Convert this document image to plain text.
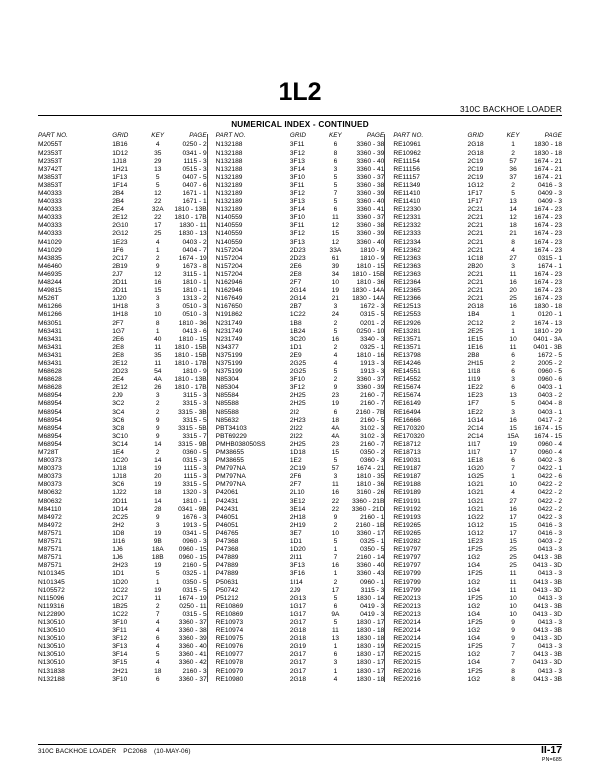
1L2
310C BACKHOE LOADER
NUMERICAL INDEX - CONTINUED
PART NO.	GRID	KEY	PAGE
M2055T	1B16	4	0250 - 2
M2353T	1D12	35	0341 - 9
M2353T	1J18	29	1115 - 3
M3742T	1H21	13	0515 - 3
M3853T	1F13	5	0407 - 5
M3853T	1F14	5	0407 - 6
M40333	2B4	12	1671 - 1
M40333	2B4	22	1671 - 1
M40333	2E4	32A	1810 - 13B
M40333	2E12	22	1810 - 17B
M40333	2G10	17	1830 - 11
M40333	2G12	25	1830 - 13
M41029	1E23	4	0403 - 2
M41029	1F6	1	0404 - 7
M43835	2C17	2	1674 - 19
M46460	2B19	9	1673 - 8
M46935	2J7	12	3115 - 1
M48244	2D11	16	1810 - 1
M49815	2D11	15	1810 - 1
M526T	1J20	3	1313 - 2
M61266	1H18	3	0510 - 3
M61266	1H18	10	0510 - 3
M63051	2F7	8	1810 - 36
M63431	1G7	1	0413 - 6
M63431	2E6	40	1810 - 15
M63431	2E8	11	1810 - 15B
M63431	2E8	35	1810 - 15B
M63431	2E12	11	1810 - 17B
M68628	2D23	54	1810 - 9
M68628	2E4	4A	1810 - 13B
M68628	2E12	26	1810 - 17B
M68954	2J9	3	3115 - 3
M68954	3C2	2	3315 - 3
M68954	3C4	2	3315 - 3B
M68954	3C6	9	3315 - 5
M68954	3C8	9	3315 - 5B
M68954	3C10	9	3315 - 7
M68954	3C14	14	3315 - 9B
M728T	1E4	2	0360 - 5
M80373	1C20	14	0315 - 3
M80373	1J18	19	1115 - 3
M80373	1J18	20	1115 - 3
M80373	3C6	19	3315 - 5
M80632	1J22	18	1320 - 3
M80632	2D11	14	1810 - 1
M84110	1D14	28	0341 - 9B
M84972	2C25	9	1676 - 3
M84972	2H2	3	1913 - 5
M87571	1D8	19	0341 - 5
M87571	1I16	9B	0960 - 3
M87571	1J6	18A	0960 - 15
M87571	1J6	18B	0960 - 15
M87571	2H23	19	2160 - 5
N101345	1D1	5	0325 - 1
N101345	1D20	1	0350 - 5
N105572	1C22	19	0315 - 5
N115096	2C17	11	1674 - 19
N119316	1B25	2	0250 - 11
N122890	1C22	7	0315 - 5
N130510	3F10	4	3360 - 37
N130510	3F11	4	3360 - 38
N130510	3F12	6	3360 - 39
N130510	3F13	4	3360 - 40
N130510	3F14	5	3360 - 41
N130510	3F15	4	3360 - 42
N131838	2H21	18	2160 - 3
N132188	3F10	6	3360 - 37
PART NO.	GRID	KEY	PAGE
N132188	3F11	6	3360 - 38
N132188	3F12	8	3360 - 39
N132188	3F13	6	3360 - 40
N132188	3F14	3	3360 - 41
N132189	3F10	5	3360 - 37
N132189	3F11	5	3360 - 38
N132189	3F12	7	3360 - 39
N132189	3F13	5	3360 - 40
N132189	3F14	6	3360 - 41
N140559	3F10	11	3360 - 37
N140559	3F11	12	3360 - 38
N140559	3F12	15	3360 - 39
N140559	3F13	12	3360 - 40
N157204	2D23	33A	1810 - 9
N157204	2D23	61	1810 - 9
N157204	2E6	39	1810 - 15
N157204	2E8	34	1810 - 15B
N162946	2F7	10	1810 - 36
N162946	2G14	19	1830 - 14A
N167649	2G14	21	1830 - 14A
N167650	2B7	3	1672 - 3
N191862	1C22	24	0315 - 5
N231749	1B8	2	0201 - 2
N231749	1B24	5	0250 - 10
N231749	3C20	16	3340 - 3
N34377	1D1	2	0325 - 1
N375199	2E9	4	1810 - 16
N375199	2G25	4	1913 - 3
N375199	2G25	5	1913 - 3
N85304	3F10	2	3360 - 37
N85304	3F12	9	3360 - 39
N85584	2H25	23	2160 - 7
N85588	2H25	19	2160 - 7
N85588	2I2	6	2160 - 7B
N85632	2H23	18	2160 - 5
PBT34103	2I22	4A	3102 - 3
PBT69229	2I22	4A	3102 - 3
PMHB038050SS	2H25	23	2160 - 7
PM38655	1D18	15	0350 - 2
PM38655	1E2	5	0360 - 3
PM797NA	2C19	57	1674 - 21
PM797NA	2F6	3	1810 - 35
PM797NA	2F7	11	1810 - 36
P42061	2L10	16	3160 - 26
P42431	3E12	22	3360 - 21B
P42431	3E14	22	3360 - 21D
P46051	2H18	9	2160 - 1
P46051	2H19	2	2160 - 1B
P46765	3E7	10	3360 - 17
P47368	1D1	5	0325 - 1
P47368	1D20	1	0350 - 5
P47889	2I11	7	2160 - 14
P47889	3F13	16	3360 - 40
P47889	3F16	1	3360 - 43
P50631	1I14	2	0960 - 1
P50742	2J9	17	3115 - 3
P51212	2G13	5	1830 - 14
RE10869	1G17	6	0419 - 3
RE10869	1G17	9A	0419 - 3
RE10973	2G17	5	1830 - 17
RE10974	2G18	11	1830 - 18
RE10975	2G18	13	1830 - 18
RE10976	2G19	1	1830 - 19
RE10977	2G17	6	1830 - 17
RE10978	2G17	3	1830 - 17
RE10979	2G17	1	1830 - 17
RE10980	2G18	4	1830 - 18
PART NO.	GRID	KEY	PAGE
RE10961	2G18	1	1830 - 18
RE10962	2G18	2	1830 - 18
RE11154	2C19	57	1674 - 21
RE11156	2C19	36	1674 - 21
RE11157	2C19	37	1674 - 21
RE11349	1G12	2	0416 - 3
RE11410	1F17	5	0409 - 3
RE11410	1F17	13	0409 - 3
RE12330	2C21	14	1674 - 23
RE12331	2C21	12	1674 - 23
RE12332	2C21	18	1674 - 23
RE12333	2C21	21	1674 - 23
RE12334	2C21	8	1674 - 23
RE12362	2C21	4	1674 - 23
RE12363	1C18	27	0315 - 1
RE12363	2B20	3	1674 - 1
RE12363	2C21	11	1674 - 23
RE12364	2C21	16	1674 - 23
RE12365	2C21	20	1674 - 23
RE12366	2C21	25	1674 - 23
RE12513	2G18	16	1830 - 18
RE12553	1B4	1	0120 - 1
RE12926	2C12	2	1674 - 13
RE13281	2E25	1	1810 - 29
RE13571	1E15	10	0401 - 3A
RE13571	1E16	11	0401 - 3B
RE13798	2B8	6	1672 - 5
RE14246	2H15	2	2005 - 2
RE14551	1I18	6	0960 - 5
RE14552	1I19	3	0960 - 6
RE15674	1E22	6	0403 - 1
RE15674	1E23	13	0403 - 2
RE16149	1F7	5	0404 - 8
RE16494	1E22	3	0403 - 1
RE16666	1G14	16	0417 - 2
RE170320	2C14	15	1674 - 15
RE170320	2C14	15A	1674 - 15
RE18712	1I17	19	0960 - 4
RE18713	1I17	17	0960 - 4
RE19031	1E18	6	0402 - 3
RE19187	1G20	7	0422 - 1
RE19187	1G25	1	0422 - 6
RE19188	1G21	10	0422 - 2
RE19189	1G21	4	0422 - 2
RE19191	1G21	27	0422 - 2
RE19192	1G21	16	0422 - 2
RE19193	1G22	17	0422 - 3
RE19265	1G12	15	0416 - 3
RE19265	1G12	17	0416 - 3
RE19282	1E23	15	0403 - 2
RE19797	1F25	25	0413 - 3
RE19797	1G2	25	0413 - 3B
RE19797	1G4	25	0413 - 3D
RE19799	1F25	11	0413 - 3
RE19799	1G2	11	0413 - 3B
RE19799	1G4	11	0413 - 3D
RE20213	1F25	10	0413 - 3
RE20213	1G2	10	0413 - 3B
RE20213	1G4	10	0413 - 3D
RE20214	1F25	9	0413 - 3
RE20214	1G2	9	0413 - 3B
RE20214	1G4	9	0413 - 3D
RE20215	1F25	7	0413 - 3
RE20215	1G2	7	0413 - 3B
RE20215	1G4	7	0413 - 3D
RE20216	1F25	8	0413 - 3
RE20216	1G2	8	0413 - 3B
310C BACKHOE LOADER PC2068 (10-MAY-06)	II-17
PN=685
